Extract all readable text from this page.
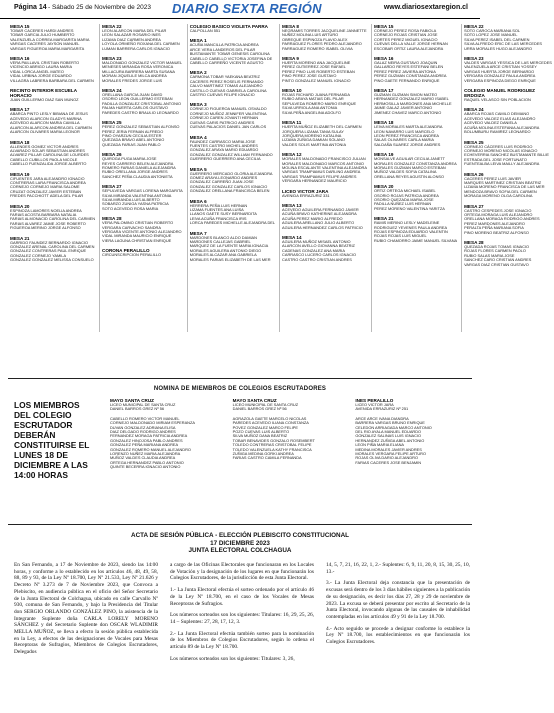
Página 14 - Sábado 25 de Noviembre de 2023 DIARIO SEXTA REGIÓN	www.diariosextaregion.cl
MESA 15
TOBAR CACERES HARDI ANDRES
TOBAR GARCIA JULIO HUMBERTO
VALENZUELA CORREA MARGARITA MARIA
VARGAS CACERES JAYSON MANUEL
VARGAS FIGUEROA MARIA MARGARITA
MESA 16
VERA PAILLAVIL CRISTIAN ROBERTO
VICENCIO ABRIGO LAURA MARIA
VIDAL LORCA ANGEL MATEO
VIDAL URBINA JORGE EDUARDO
VILLAGRA LABRERA BARBARA DEL CARMEN
RECINTO INTERIOR ESCUELA HORACIO
JUAN GUILLERMO DIAZ SAN MUNOZ
MESA 17
ABARCA PINTO LESLY BIBIANA DE JESUS
ACEVEDO ALARCON GLADYS MARINA
ACEVEDO ALARCON MARIA CAMILLA
ALARCON ALARCON ANDREA DEL CARMEN
ALARCON OLIVARES MARIA LEONOR
MESA 18
ALLENDES GOMEZ VICTOR ANDRES
ALVARADO SOLAR SEBASTIAN ANDRES
ALVAREZ PILLAR CAROLINA DE LOURDES
CABELLO CUBILLOS PAOLA NICOLE
CABELLO FUENZALIDA JORGE ALBERTO
MESA 19
CIFUENTES JARA ALEJANDRO IGNACIO
CONTRERAS LARA FRANCISCA ANDREA
CORNEJO CORNEJO MARIA SALOME
CRUZAT GONZALEZ JAVIER ESTEBAN
FREDES PACCHIOTT ADELA DEL PILAR
MESA 20
ESPINOZA LAMORES NOELIA ANDREA
FARIAS ACOSTA BARBARA NATALIA
FARIAS ALMONACID CAROLINA DEL CARMEN
FARIAS ALVAREZ JAIME JOSE ROBERTO
FIGUEROA MERINO JORGE ALFONSO
MESA 21
GARRIDO FAUNDEZ BERNARDO IGNACIO
GONZALEZ ARENAL CAROLINA DEL CARMEN
GONZALEZ CONTRERAS PAUL ENRIQUE
GONZALEZ CORNEJO YAMILA
GONZALEZ GONZALEZ MELISSA CONSUELO
MESA 22
LEON ALARCON MARIA DEL PILAR
LEON SALAZAR ROSARIO INES
LIZAMA DIAZ CARMEN ANDREA
LOYOLA ORMEÑO ROXANA DEL CARMEN
LUMAN BARRERA CARLOS IGNACIO
MESA 23
MALDONADO GONZALEZ VICTOR MANUEL
MENESES MIRANDA ROSA VERONICA
MILLACURA BARRERA MARTA SUSANA
MORAN JIQUELILE MILCA ANDREA
MORALES FREDES JORGE LUIS
MESA 24
ORELLANA GARCIA JUAN DAVID
OSORIO LEON GUILLERMO ESTEBAN
PADILLA GONZALEZ CRISTOBAL ANTONIO
PALMA HUERTA CARLOS GUSTAVO
PAREDES CASTRO BRAULIO LEONARDO
MESA 25
PEREZ GONZALEZ SEBASTIAN ALFONSO
PEREZ JERIA FERNAN ALFREDO
PINO OYARZUN CECILIA ESTER
QUEZADA BRAVO ABEL ANTONIO
QUEZADA FARIAS JUAN PABLO
MESA 26
QUIROGA PUGA MARIA JOSE
REYES CARRERO BELEN ALEJANDRA
ROMERO FARIAS DANIELA ALEJANDRA
RUBIO ORELLANA JORGE ANDRES
SANCHEZ PEÑA CLAUDIA ANTONIETA
MESA 27
SEPULVEDA VARGAS LORENA MARGARITA
SILVA MIRANDA VALENTINA ANTONIA
SILVA MIRANDA LUIS ALBERTO
SOBARZO ZUNIGA YASNA PATRICIA
SOTO ACEVEDO ROSA MARIA
MESA 28
VERA PALOMINO CRISTIAN ROBERTO
VERGARA CARVACHO SANDRA
VERGARA VICENTE ANTONIO ALEJANDRO
VIDAL MIRANDA MAURICIO ENRIQUE
VIERA LAGUNA CHRISTIAN ENRIQUE
CORONA PERALILLO
CIRCUNSCRIPCION PERALILLO
COLEGIO BASICO VIOLETA PARRA
CALPOLLAN 551
MESA 1
ACUÑA MANCILLA PATRICIA ANDREA
ARCE VERA LANDEROS DEL PILAR
BUSTAMANTE TOBAR GENESIS CAROLINA
CABELLO CABELLO VICTORIA JOSEFINA DE
CABELLO CARREÑO VICENTE AGUSTO
MESA 2
CARMONA TOBAR YAEKANA BEATRIZ
CACERES PEREZ ROSELIS FERNANDO
CALVO MARTINEZ TOMAS ALEJANDRO
CASTILLO CUEVAS GABRIELA CAROLINA
CASTRO CUEVAS FELIPE IGNACIO
MESA 3
CORNEJO FIGUEROA MANUEL OSVALDO
CORNEJO MUÑOZ JENNIFER VALENTINA
CORNEJO CAREN JOVANTI HERNAN
CUEVAS CARIS PATRICIO ANDRES
CUEVAS PALACIOS DANIEL JAN CARLOS
MESA 4
FAUNDEZ CARRASCO MARIA JOSE
FUENTES CASTRO MICHEL ANDRES
GONZALEZ ARAYA MARIO EDUARDO
GONZALEZ GONZALEZ WILLIAM FERNANDO
GUERRERO GUERRERO ANA CECILIA
MESA 5
GUERRERO MERCADO GLORIA ALEJANDRA
GOMEZ ARAYA LEONARDO ANDRES
GONZALEZ CARREÑO JUAN JOSE
GONZALEZ GONZALEZ CARLOS IGNACIO
GONZALEZ ORELLANA FRANCISCA BELEN
MESA 6
HERRERA PEÑA LUIS HERNAN
LIZAMA FUENTES ANA LUISA
LLANOS GAETE SUSY BERNARDITA
LEIVA ACUÑA FRANCISCA IRIS
LORCA PAREDES MICHELLE ALEJANDRA DEL
MESA 7
MARDONES BLANCO ALDO DAMIAN
MARDONES CALLEJAS GABRIEL
MARQUEZ DE LA FUENTE MARIA IGNACIA
MORALES AGUILERA ANTONIO DIEGO
MORALES ALCAZAR ANA GABRIELA
MORALES FARIAS ELIZABETH DE LAS MER
MESA 8
NEGRAMIS TORRES JACQUELINE JANNETTE
NUÑEZ MOLINA LUIS ARTURO
OBREQUE ESPINOZA FLAVIO ALEX
PARRAGUEZ FLORES PEDRO ALEJANDRO
PARRAGUEZ ROMERO ISABEL OLIVIA
MESA 9
HUERTA MORENO ANA JACQUELINE
PEREZ GUTIERREZ JOSE RAFAEL
PEREZ PINO LUIS ROBERTO ESTEBAN
PINO PEREZ JOSE GUSTAVO
PINTO GONZALEZ MANUEL IGNACIO
MESA 10
ROJAS RICHARD JUANA FERNANDA
RUBIO ARAYA MATIAS DEL PILAR
SEPULVEDA ROMERO MARIO ENRIQUE
SILVA URRIOLA ANA ANTONIA
SILVA PEÑA ANGELINA ADOLFO
MESA 11
HUERTA MUÑOZ ELIZABETH DEL CARMEN
JORQUERA LIZAMA TANIA SULAY
JORQUERA MORENO KATALINA
LIZAMA ZUÑIGA DAMIAN SOLANO
VALDES SOLIS MARTINA ANTONIA
MESA 12
MORALES MALDONADO FRANCISCO JULIAN
MORALES MALDONADO MARCOS ANTONIO
MOLINA ESCALANTE VALENTINA ALEJANDRA
VARGAS TRAMPIAMUS DARLING ANDREA
VARGAS TRAMPIAMUS FELIPE ANDRES
VERGARA HERNANDEZ MAURICIO
LICEO VICTOR JARA
AVENIDA ERRAZURIZ 331
MESA 13
ACEVEDO AGUILERA FERNANDO JAVIER
ACUÑA BRAVO KATHERINE ALEJANDRA
ACUÑA PEREZ MARIO ALFREDO
AGUILERA ARELLANO JULIO ALBERTO
AGUILERA HERNANDEZ CARLOS PATRICIO
MESA 14
AGUILERA MUÑOZ MISAEL ANTONIO
ALARCON AVELLO GIOVANNA BEATRIZ
CADENAS GONZALEZ ANA MARIA
CARRASCO LUCERO CARLOS IGNACIO
CASTRO CASTRO CRISTIAN ANDRES
MESA 15
CORNEJO PEREZ ROSA FABIOLA
CORNEJO ROJAS CRISTIAN JOSE
CORTES PEREZ MIGUEL IGNACIO
CUEVAS DELLA VALLE JORGE HERNAN
ESCOBAR ORTIZ LAURA ALEJANDRA
MESA 16
GALAZ NEIRA GUSTAVO JOAQUIN
GALLARDO REYES ESTEFANI BELEN
PEREZ PEREZ JAVIERA ANTONIA
PEREZ GUZMAN CONSTANZA ANDREA
PINO GAETE FERNANDO ENRIQUE
MESA 17
GUZMAN GUZMAN SIMON MATEO
HERNANDEZ GONZALEZ MARIO ISABEL
HERMOSILLA MARDONES ANA MICHELLE
JAIME GALAZ JAVIER ANTONIO
JIMENEZ CHAVEZ MARCO ANTONIO
MESA 18
LEIVA MORALES MARTA ALEJANDRA
LEON NAVARRO LUIS MARCELO
LEON PEREZ FRANCISCA ANDREA
SALAS OLIVARES CARLA MARIA
SALDAÑA SUAREZ JORGE ANDRES
MESA 19
MONSALVE AGUILAR CECILIA JANETT
MORALES GONZALEZ CONSTANZA ANDREA
MORALES GUZMAN MARCO ESTEBAN
MUÑOZ VALDES SOFIA CATALINA
ORELLANA REYES AGUSTIN ALONSO
MESA 20
ORTIZ ORTEGA MICHAEL ISABEL
OSORIO ROJAS PATRICIA ANDREA
OSORIO QUEZADA MARIA JOSE
PADILLA NUÑEZ LUIS HERNAN
PEREZ MORENO VALENTINA YARITZA
MESA 21
RAMIS MERINO LESLY MADELEINE
RODRIGUEZ YEVENES PAULA ANDREA
ROJAS ESPINOZA EDUARDO VALENTIN
ROJAS ROJAS LUIS MIGUEL
RUBIO CHAMORRO JAIME MANUEL SILVANA
MESA 22
SOTO CAROCA MARIANA SOL
SOTO LOPEZ JOSE MANUEL
SILVA PEREZ ISABEL DEL CARMEN
SILVA ALFREDO ERIC DE LAS MERCEDES
URRA MORALES HUGO ALEJANDRO
MESA 23
VALDES VARGAS YESSICA DE LAS MERCEDES
VALENZUELA ARCE CRISTIAN YOSSEY
VARGAS HUERTA JORGE BERNARDO
VERGARA GONZALEZ PAULA ANDREA
VERGARA ESPINOZA DIEGO ENRIQUE
COLEGIO MANUEL RODRIGUEZ ERDOIZA
RAQUEL VELASCO SIN POBLACION
MESA 24
ABARCA ROJAS CAMILO DEMIANO
ACEVEDO VALDEZ ELIAS ALEJANDRO
ACEVEDO VALDEZ DANIELA
ACUÑA MOLINA ESTEFANIA ALEJANDRA
BOLUMBURU RAMIREZ LEONARDO
MESA 25
CORNEJO CÁCERES LUIS RODRIGO
CORNEJO MORENO NICOLAS IGNACIO
ECHEVERRIA SANCHEZ BUSTAMANTE BILLIE
ESTRADA DEL JOSE FORTUNATO
FUENTEALBA LEIVA MAILLY ALEJANDRA
MESA 26
CACERES PEREZ LUIS JAVIER
MARQUES MARTINEZ CRISTIAN BEATRIZ
LIZAMA MORENO FRANCISCA DE LAS MER
MENDOZA BRAVO SOFIA DEL CARMEN
MORAGA MORENO OLGA CAROLINA
MESA 27
CASTRO CESPEDES JOSE IGNACIO
ORTEGA MORAGA LUIS ALEJANDRO
ORELLANA MORAGA RODRIGO ANDRES
PEREZ MARDONES ALEJANDRO
PERALTA PEÑA MARIANA SOFIA
PINO MORENO BEATRIZ ALFONSO
MESA 28
QUEZADA ROJAS TOMAS IGNACIO
ROJAS FLORES CARMEN PAOLO
RUBIO SALAS MARIA JOSE
SANCHEZ CARO CRISTIAN ANDRES
VARGAS DIAZ CRISTIAN GUSTAVO
NOMINA DE MIEMBROS DE COLEGIOS ESCRUTADORES
LOS MIEMBROS DEL COLEGIO ESCRUTADOR DEBERÁN CONSTITUIRSE EL LUNES 18 DE DICIEMBRE A LAS 14:00 HORAS
MAYO SANTA CRUZ
LICEO MUNICIPAL DE SANTA CRUZ
DANIEL BARROS GREZ Nº 56
CABELLO ROMERO VICTOR MANUEL
CORNEJO MALDONADO MIRIAM ESPERANZA
DUVAN GONZALEZ ADRIANA ELISA
DIAZ DELGADO RODRIGO ANDRES
FERNANDEZ MORAGA PATRICIA ANDREA
GONZALEZ HINOJOSA PABLO ANDRES
GONZALEZ PEÑA MARIANA ANDREA
GONZALEZ ROMERO MANUEL ALEJANDRO
LORENZO NUÑEZ MARIA ALEJANDRA
MUÑOZ VALDES CLAUDIA ANDREA
ORTEGA HERNANDEZ PABLO ANTONIO
QUINTE BECERRA IGNACIO ANTONIO
MAYO SANTA CRUZ
LICEO MUNICIPAL DE SANTA CRUZ
DANIEL BARROS GREZ Nº 56
AGRAZOLA GAETE MARCELO NICOLAS
PAREDES ACEVEDO ILIANA CONSTANZA
POVEZ GONZALEZ MARCO FELIPE
POZO CUEVAS LUIS ALBERTO
SILVA MUÑOZ DANA BEATRIZ
TOBAR BENAVIDES GONZALO ROSEMBERT
TOLEDO CONTRERAS CRISTOBAL FELIPE
TOLEDO VALENZUELA KATHY FRANCISCA
ZUÑIGA MEDINA GORKI ANDREA
FARIAS CASTRO CAMILA FERNANDA
INES PERALILLO
LICEO VICTOR JARA
AVENIDA ERRAZURIZ Nº 251
ARCE ARCE IVANA DIANDRA
BARRERA VARGAS BRUNO ENRIQUE
CELEDON ARRIAGADA MARCO ANTONIO
DEL RIO AYALA MANUEL EDUARDO
GONZALEZ SALINAS LUIS IGNACIO
HERNANDEZ ZUÑIGA ABEL ANTONIO
LEON PIÑA MARIA ELIANA
MEDINA MORALES JAVIER ANDRES
MORALES VERGARA FELIPE ARTURO
ROJAS OLIVA DARIO ALEJANDRO
FARIAS CACERES JOSE BENJAMIN
ACTA DE SESIÓN PÚBLICA - ELECCIÓN PLEBISCITO CONSTITUCIONAL
17 DICIEMBRE 2023
JUNTA ELECTORAL COLCHAGUA

En San Fernando, a 17 de Noviembre de 2023, siendo las 14:00 horas, y conforme a lo establecido en los artículos 46, 48, 49, 58, 88, 89 y 93, de la Ley Nº 18.700, Ley Nº 21.533, Ley Nº 21.626 y Decreto Nº 3.273 de 7 de Noviembre 2023, que Convoca a Plebiscito, en audiencia pública en el oficio del Señor Secretario de la Junta Electoral de Colchagua, ubicado en calle Carvallo Nº 930, comuna de San Fernando, y bajo la Presidencia del Titular don SERGIO ORLANDO GONZÁLEZ PINO, la asistencia de la Integrante Suplente doña CARLA LORELY MORENO SÁNCHEZ y del Secretario Suplente don OSCAR WLADIMIR MELLA MUÑOZ, se lleva a efecto la sesión pública establecida en la Ley, a efectos de las designaciones de Vocales para Mesas Receptoras de Sufragios, Miembros de Colegios Escrutadores, Delegados

a cargo de las Oficinas Electorales que funcionaran en los Locales de Votación y la designación de los lugares en que funcionarán los Colegios Escrutadores, de la jurisdicción de esta Junta Electoral.

1.- La Junta Electoral efectúa el sorteo ordenado por el artículo 46 de la Ley Nº 18.700, en el caso de los Vocales de Mesas Receptoras de Sufragios.

Los números sorteados son los siguientes: Titulares: 16, 29, 25, 26, 14 – Suplentes: 27, 28, 17, 12, 3.

2.- La Junta Electoral efectúa también sorteo para la nominación de los Miembros de Colegios Escrutadores, según lo ordena el artículo 89 de la Ley Nº 18.700.

Los números sorteados son los siguientes: Titulares: 3, 26,

14, 5, 7, 21, 16, 22, 1, 2.- Suplentes: 6, 9, 11, 20, 8, 15, 30, 25, 10, 13.-

3.- La Junta Electoral deja constancia que la presentación de excusas será dentro de los 3 días hábiles siguientes a la publicación de su designación, es decir los días 27, 28 y 29 de noviembre de 2023. La excusa se deberá presentar por escrito al Secretario de la Junta Electoral, invocando algunas de las causales de inhabilidad contempladas en los artículos 49 y 91 de la Ley 18.700.

4.- Acto seguido se procede a designar conforme lo establece la Ley Nº 18.700, los establecimientos en que funcionarán los Colegios Escrutadores.
